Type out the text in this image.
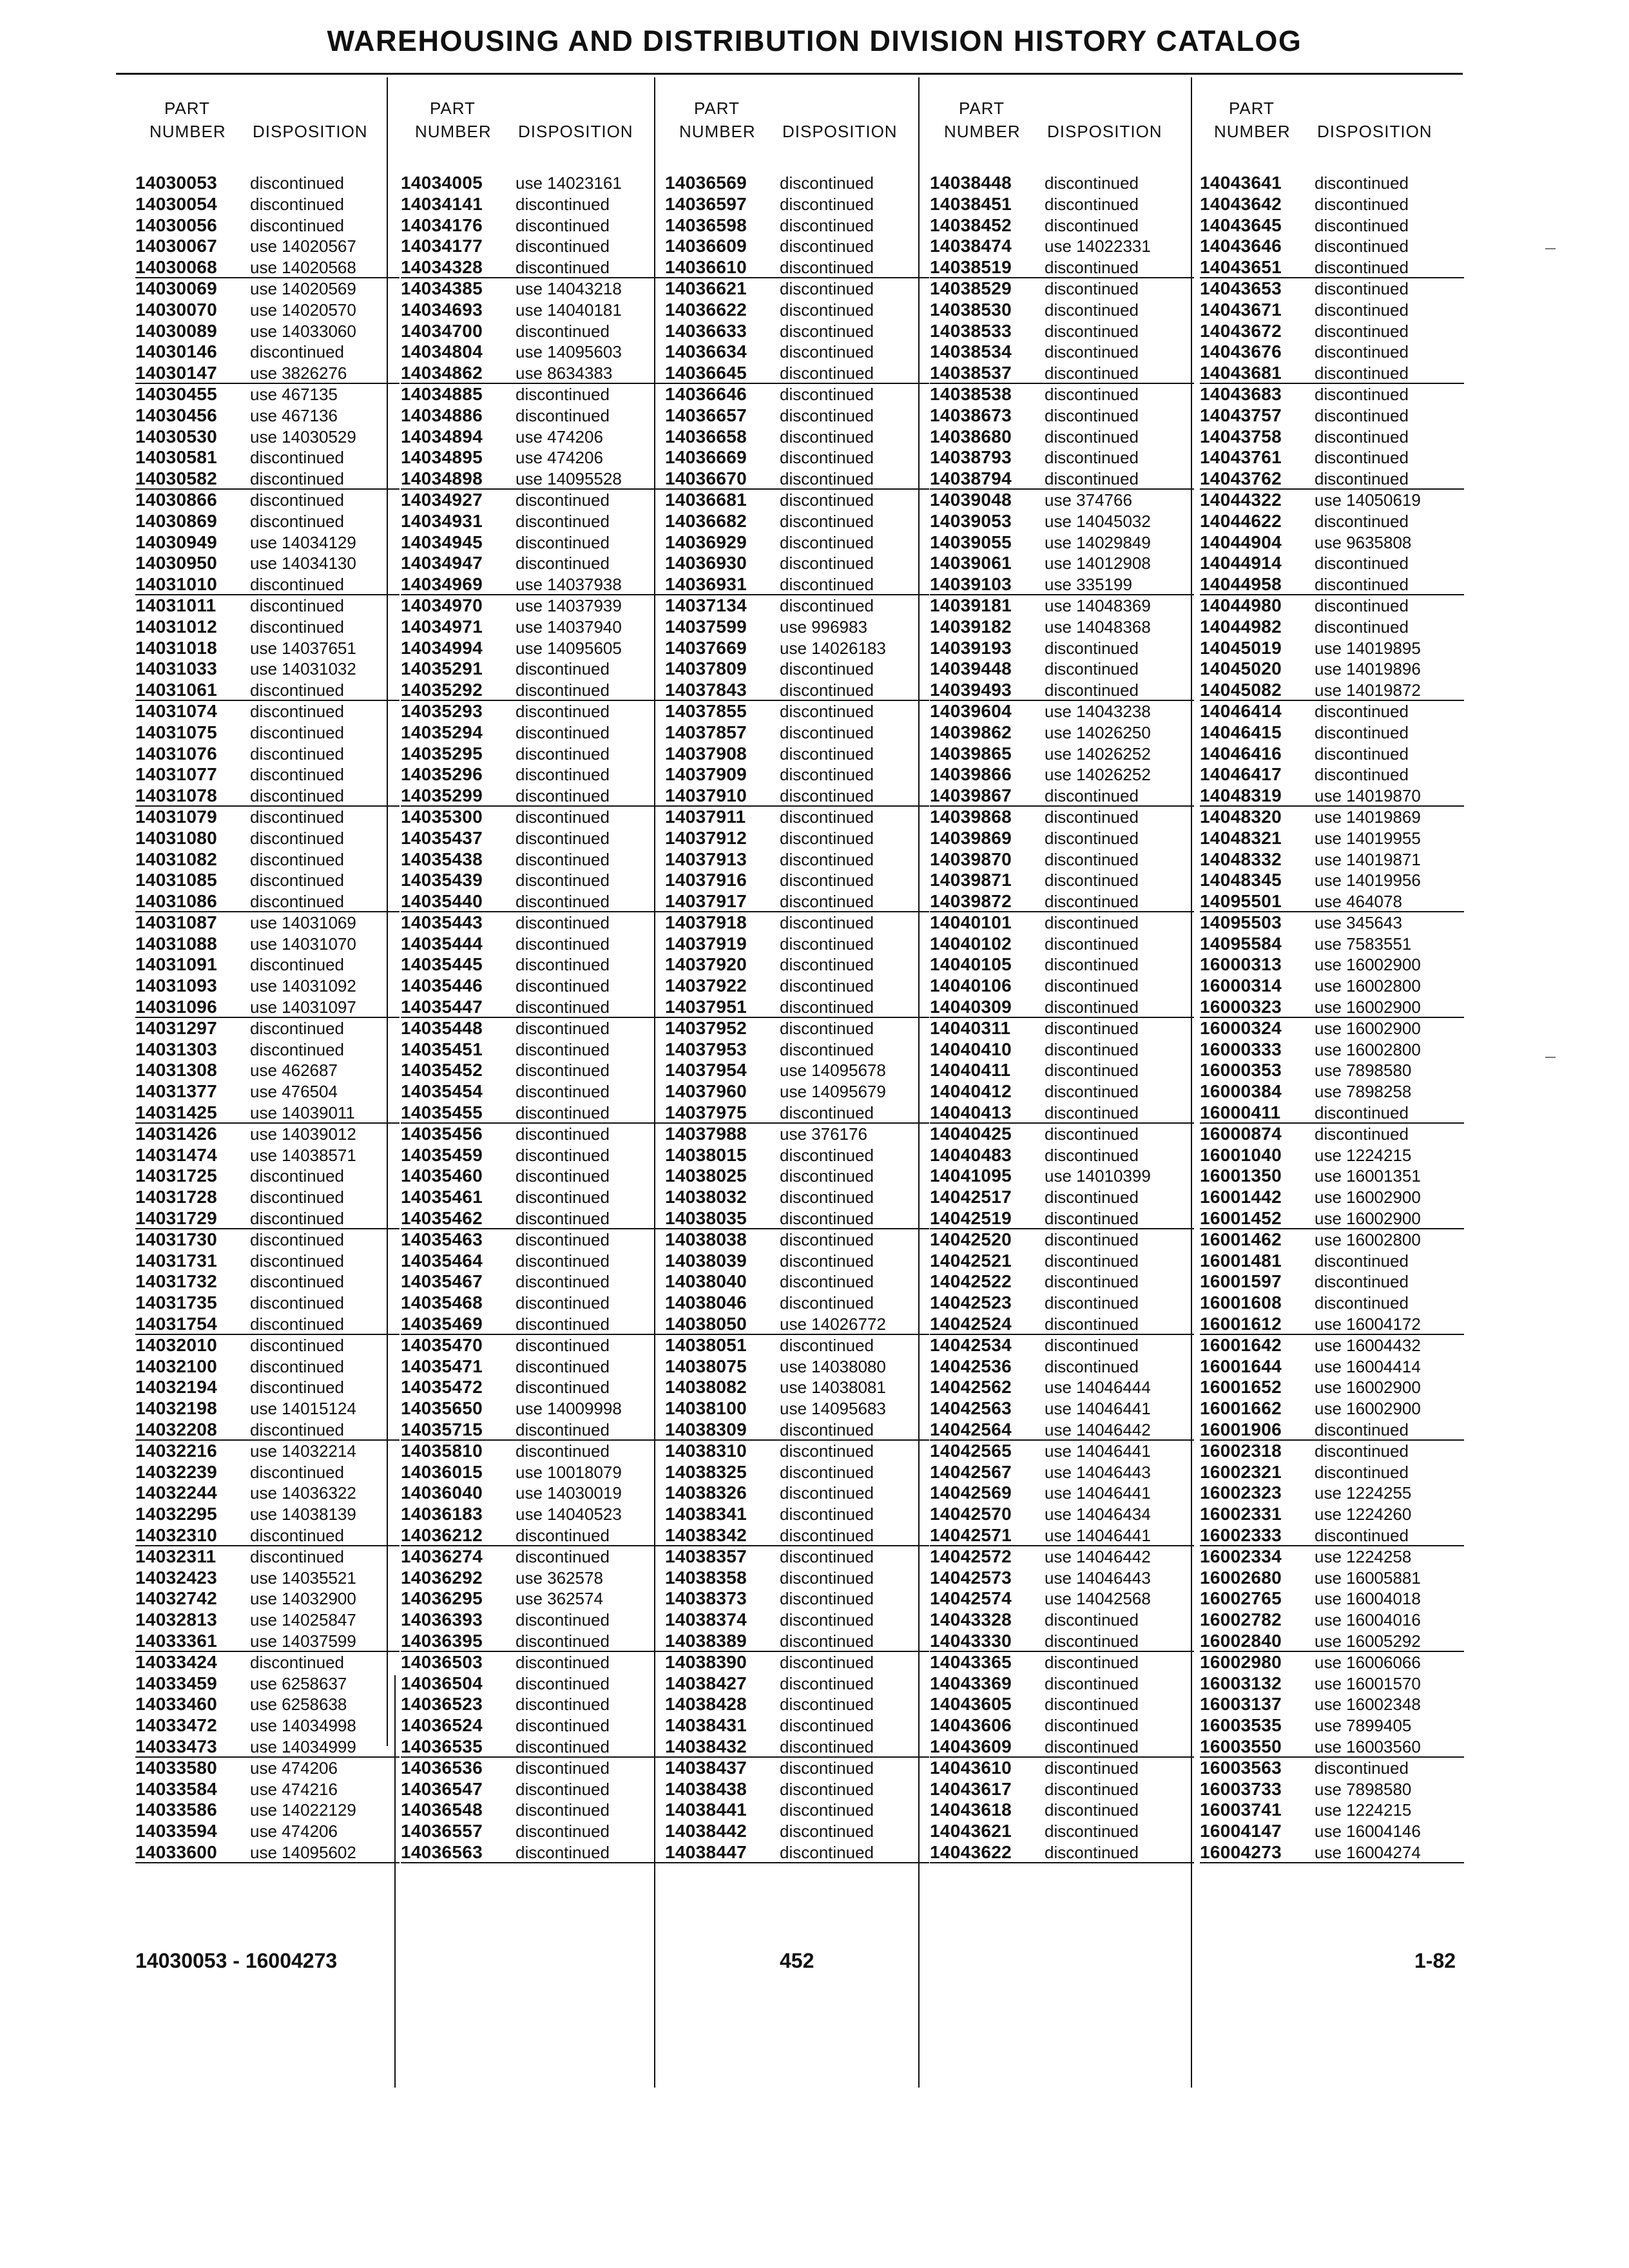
WAREHOUSING AND DISTRIBUTION DIVISION HISTORY CATALOG
PART
NUMBER DISPOSITION
14030053 discontinued
14030054 discontinued
14030056 discontinued
14030067 use 14020567
14030068 use 14020568
14030069 use 14020569
14030070 use 14020570
14030089 use 14033060
14030146 discontinued
14030147 use 3826276
14030455 use 467135
14030456 use 467136
14030530 use 14030529
14030581 discontinued
14030582 discontinued
14030866 discontinued
14030869 discontinued
14030949 use 14034129
14030950 use 14034130
14031010 discontinued
14031011 discontinued
14031012 discontinued
14031018 use 14037651
14031033 use 14031032
14031061 discontinued
14031074 discontinued
14031075 discontinued
14031076 discontinued
14031077 discontinued
14031078 discontinued
14031079 discontinued
14031080 discontinued
14031082 discontinued
14031085 discontinued
14031086 discontinued
14031087 use 14031069
14031088 use 14031070
14031091 discontinued
14031093 use 14031092
14031096 use 14031097
14031297 discontinued
14031303 discontinued
14031308 use 462687
14031377 use 476504
14031425 use 14039011
14031426 use 14039012
14031474 use 14038571
14031725 discontinued
14031728 discontinued
14031729 discontinued
14031730 discontinued
14031731 discontinued
14031732 discontinued
14031735 discontinued
14031754 discontinued
14032010 discontinued
14032100 discontinued
14032194 discontinued
14032198 use 14015124
14032208 discontinued
14032216 use 14032214
14032239 discontinued
14032244 use 14036322
14032295 use 14038139
14032310 discontinued
14032311 discontinued
14032423 use 14035521
14032742 use 14032900
14032813 use 14025847
14033361 use 14037599
14033424 discontinued
14033459 use 6258637
14033460 use 6258638
14033472 use 14034998
14033473 use 14034999
14033580 use 474206
14033584 use 474216
14033586 use 14022129
14033594 use 474206
14033600 use 14095602
PART
NUMBER DISPOSITION
14034005 use 14023161
14034141 discontinued
14034176 discontinued
14034177 discontinued
14034328 discontinued
14034385 use 14043218
14034693 use 14040181
14034700 discontinued
14034804 use 14095603
14034862 use 8634383
14034885 discontinued
14034886 discontinued
14034894 use 474206
14034895 use 474206
14034898 use 14095528
14034927 discontinued
14034931 discontinued
14034945 discontinued
14034947 discontinued
14034969 use 14037938
14034970 use 14037939
14034971 use 14037940
14034994 use 14095605
14035291 discontinued
14035292 discontinued
14035293 discontinued
14035294 discontinued
14035295 discontinued
14035296 discontinued
14035299 discontinued
14035300 discontinued
14035437 discontinued
14035438 discontinued
14035439 discontinued
14035440 discontinued
14035443 discontinued
14035444 discontinued
14035445 discontinued
14035446 discontinued
14035447 discontinued
14035448 discontinued
14035451 discontinued
14035452 discontinued
14035454 discontinued
14035455 discontinued
14035456 discontinued
14035459 discontinued
14035460 discontinued
14035461 discontinued
14035462 discontinued
14035463 discontinued
14035464 discontinued
14035467 discontinued
14035468 discontinued
14035469 discontinued
14035470 discontinued
14035471 discontinued
14035472 discontinued
14035650 use 14009998
14035715 discontinued
14035810 discontinued
14036015 use 10018079
14036040 use 14030019
14036183 use 14040523
14036212 discontinued
14036274 discontinued
14036292 use 362578
14036295 use 362574
14036393 discontinued
14036395 discontinued
14036503 discontinued
14036504 discontinued
14036523 discontinued
14036524 discontinued
14036535 discontinued
14036536 discontinued
14036547 discontinued
14036548 discontinued
14036557 discontinued
14036563 discontinued
PART
NUMBER DISPOSITION
14036569 discontinued
14036597 discontinued
14036598 discontinued
14036609 discontinued
14036610 discontinued
14036621 discontinued
14036622 discontinued
14036633 discontinued
14036634 discontinued
14036645 discontinued
14036646 discontinued
14036657 discontinued
14036658 discontinued
14036669 discontinued
14036670 discontinued
14036681 discontinued
14036682 discontinued
14036929 discontinued
14036930 discontinued
14036931 discontinued
14037134 discontinued
14037599 use 996983
14037669 use 14026183
14037809 discontinued
14037843 discontinued
14037855 discontinued
14037857 discontinued
14037908 discontinued
14037909 discontinued
14037910 discontinued
14037911 discontinued
14037912 discontinued
14037913 discontinued
14037916 discontinued
14037917 discontinued
14037918 discontinued
14037919 discontinued
14037920 discontinued
14037922 discontinued
14037951 discontinued
14037952 discontinued
14037953 discontinued
14037954 use 14095678
14037960 use 14095679
14037975 discontinued
14037988 use 376176
14038015 discontinued
14038025 discontinued
14038032 discontinued
14038035 discontinued
14038038 discontinued
14038039 discontinued
14038040 discontinued
14038046 discontinued
14038050 use 14026772
14038051 discontinued
14038075 use 14038080
14038082 use 14038081
14038100 use 14095683
14038309 discontinued
14038310 discontinued
14038325 discontinued
14038326 discontinued
14038341 discontinued
14038342 discontinued
14038357 discontinued
14038358 discontinued
14038373 discontinued
14038374 discontinued
14038389 discontinued
14038390 discontinued
14038427 discontinued
14038428 discontinued
14038431 discontinued
14038432 discontinued
14038437 discontinued
14038438 discontinued
14038441 discontinued
14038442 discontinued
14038447 discontinued
PART
NUMBER DISPOSITION
14038448 discontinued
14038451 discontinued
14038452 discontinued
14038474 use 14022331
14038519 discontinued
14038529 discontinued
14038530 discontinued
14038533 discontinued
14038534 discontinued
14038537 discontinued
14038538 discontinued
14038673 discontinued
14038680 discontinued
14038793 discontinued
14038794 discontinued
14039048 use 374766
14039053 use 14045032
14039055 use 14029849
14039061 use 14012908
14039103 use 335199
14039181 use 14048369
14039182 use 14048368
14039193 discontinued
14039448 discontinued
14039493 discontinued
14039604 use 14043238
14039862 use 14026250
14039865 use 14026252
14039866 use 14026252
14039867 discontinued
14039868 discontinued
14039869 discontinued
14039870 discontinued
14039871 discontinued
14039872 discontinued
14040101 discontinued
14040102 discontinued
14040105 discontinued
14040106 discontinued
14040309 discontinued
14040311 discontinued
14040410 discontinued
14040411 discontinued
14040412 discontinued
14040413 discontinued
14040425 discontinued
14040483 discontinued
14041095 use 14010399
14042517 discontinued
14042519 discontinued
14042520 discontinued
14042521 discontinued
14042522 discontinued
14042523 discontinued
14042524 discontinued
14042534 discontinued
14042536 discontinued
14042562 use 14046444
14042563 use 14046441
14042564 use 14046442
14042565 use 14046441
14042567 use 14046443
14042569 use 14046441
14042570 use 14046434
14042571 use 14046441
14042572 use 14046442
14042573 use 14046443
14042574 use 14042568
14043328 discontinued
14043330 discontinued
14043365 discontinued
14043369 discontinued
14043605 discontinued
14043606 discontinued
14043609 discontinued
14043610 discontinued
14043617 discontinued
14043618 discontinued
14043621 discontinued
14043622 discontinued
PART
NUMBER DISPOSITION
14043641 discontinued
14043642 discontinued
14043645 discontinued
14043646 discontinued
14043651 discontinued
14043653 discontinued
14043671 discontinued
14043672 discontinued
14043676 discontinued
14043681 discontinued
14043683 discontinued
14043757 discontinued
14043758 discontinued
14043761 discontinued
14043762 discontinued
14044322 use 14050619
14044622 discontinued
14044904 use 9635808
14044914 discontinued
14044958 discontinued
14044980 discontinued
14044982 discontinued
14045019 use 14019895
14045020 use 14019896
14045082 use 14019872
14046414 discontinued
14046415 discontinued
14046416 discontinued
14046417 discontinued
14048319 use 14019870
14048320 use 14019869
14048321 use 14019955
14048332 use 14019871
14048345 use 14019956
14095501 use 464078
14095503 use 345643
14095584 use 7583551
16000313 use 16002900
16000314 use 16002800
16000323 use 16002900
16000324 use 16002900
16000333 use 16002800
16000353 use 7898580
16000384 use 7898258
16000411 discontinued
16000874 discontinued
16001040 use 1224215
16001350 use 16001351
16001442 use 16002900
16001452 use 16002900
16001462 use 16002800
16001481 discontinued
16001597 discontinued
16001608 discontinued
16001612 use 16004172
16001642 use 16004432
16001644 use 16004414
16001652 use 16002900
16001662 use 16002900
16001906 discontinued
16002318 discontinued
16002321 discontinued
16002323 use 1224255
16002331 use 1224260
16002333 discontinued
16002334 use 1224258
16002680 use 16005881
16002765 use 16004018
16002782 use 16004016
16002840 use 16005292
16002980 use 16006066
16003132 use 16001570
16003137 use 16002348
16003535 use 7899405
16003550 use 16003560
16003563 discontinued
16003733 use 7898580
16003741 use 1224215
16004147 use 16004146
16004273 use 16004274
14030053 - 16004273	452	1-82
